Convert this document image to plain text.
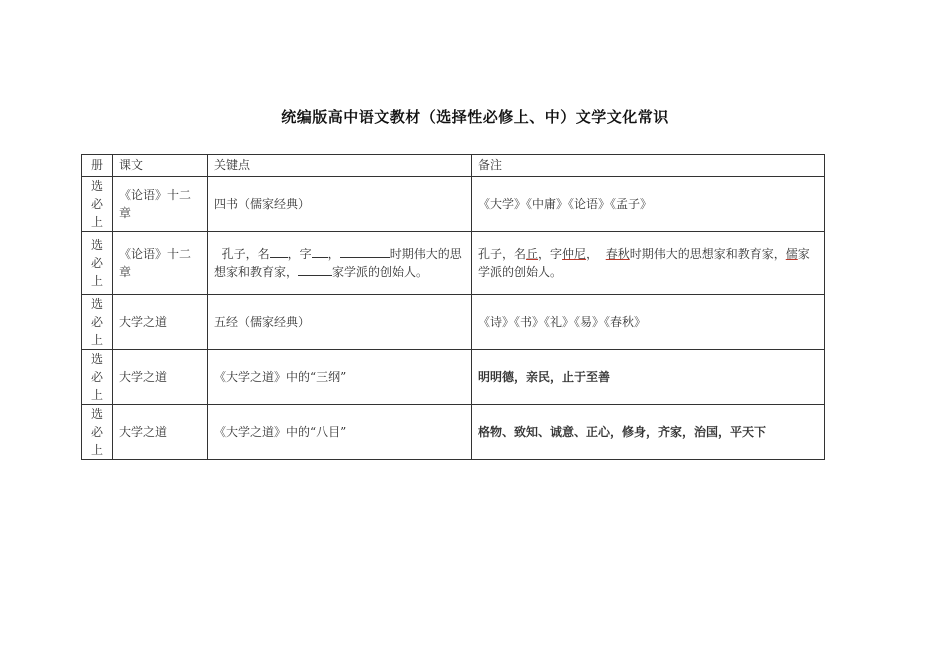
统编版高中语文教材（选择性必修上、中）文学文化常识
册	课文	关键点	备注

选
必
上	《论语》十二章	四书（儒家经典）	《大学》《中庸》《论语》《孟子》

选
必
上	《论语》十二章	孔子，名 ，字 ， 时期伟大的思想家和教育家， 家学派的创始人。	孔子，名丘，字仲尼， 春秋时期伟大的思想家和教育家，儒家学派的创始人。

选
必
上	大学之道	五经（儒家经典）	《诗》《书》《礼》《易》《春秋》

选
必
上	大学之道	《大学之道》中的“三纲”	明明德，亲民，止于至善

选
必
上	大学之道	《大学之道》中的“八目”	格物、致知、诚意、正心，修身，齐家，治国，平天下
